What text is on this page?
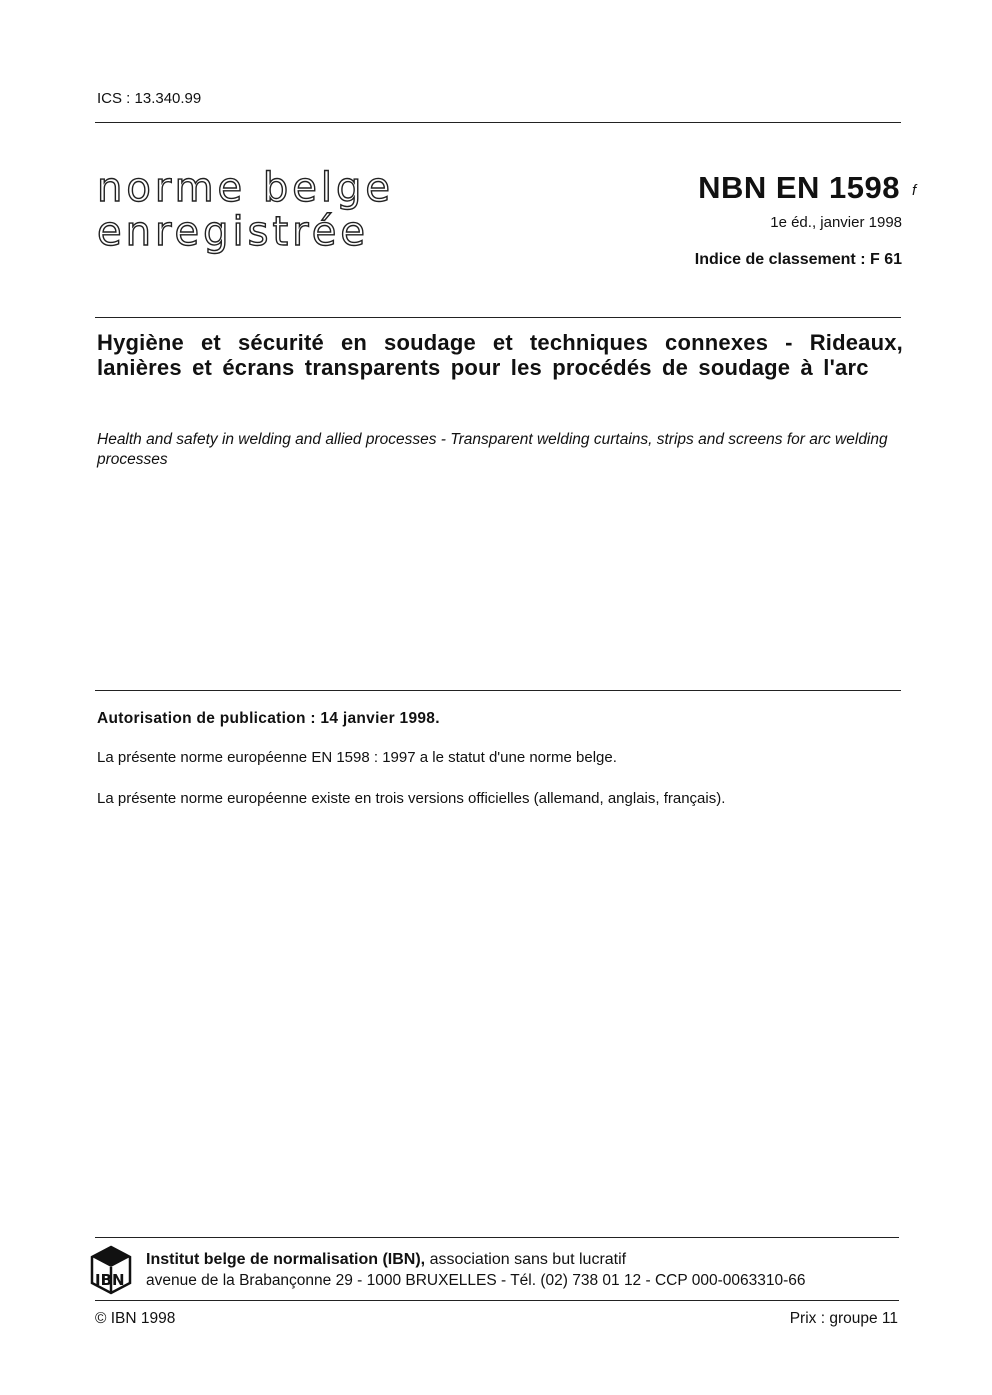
ICS : 13.340.99
norme belge
enregistrée
NBN EN 1598 f
1e éd., janvier 1998
Indice de classement : F 61
Hygiène et sécurité en soudage et techniques connexes - Rideaux, lanières et écrans transparents pour les procédés de soudage à l'arc
Health and safety in welding and allied processes - Transparent welding curtains, strips and screens for arc welding processes
Autorisation de publication : 14 janvier 1998.
La présente norme européenne EN 1598 : 1997 a le statut d'une norme belge.
La présente norme européenne existe en trois versions officielles (allemand, anglais, français).
IBN
Institut belge de normalisation (IBN), association sans but lucratif
avenue de la Brabançonne 29 - 1000 BRUXELLES - Tél. (02) 738 01 12 - CCP 000-0063310-66
© IBN 1998	Prix : groupe 11
